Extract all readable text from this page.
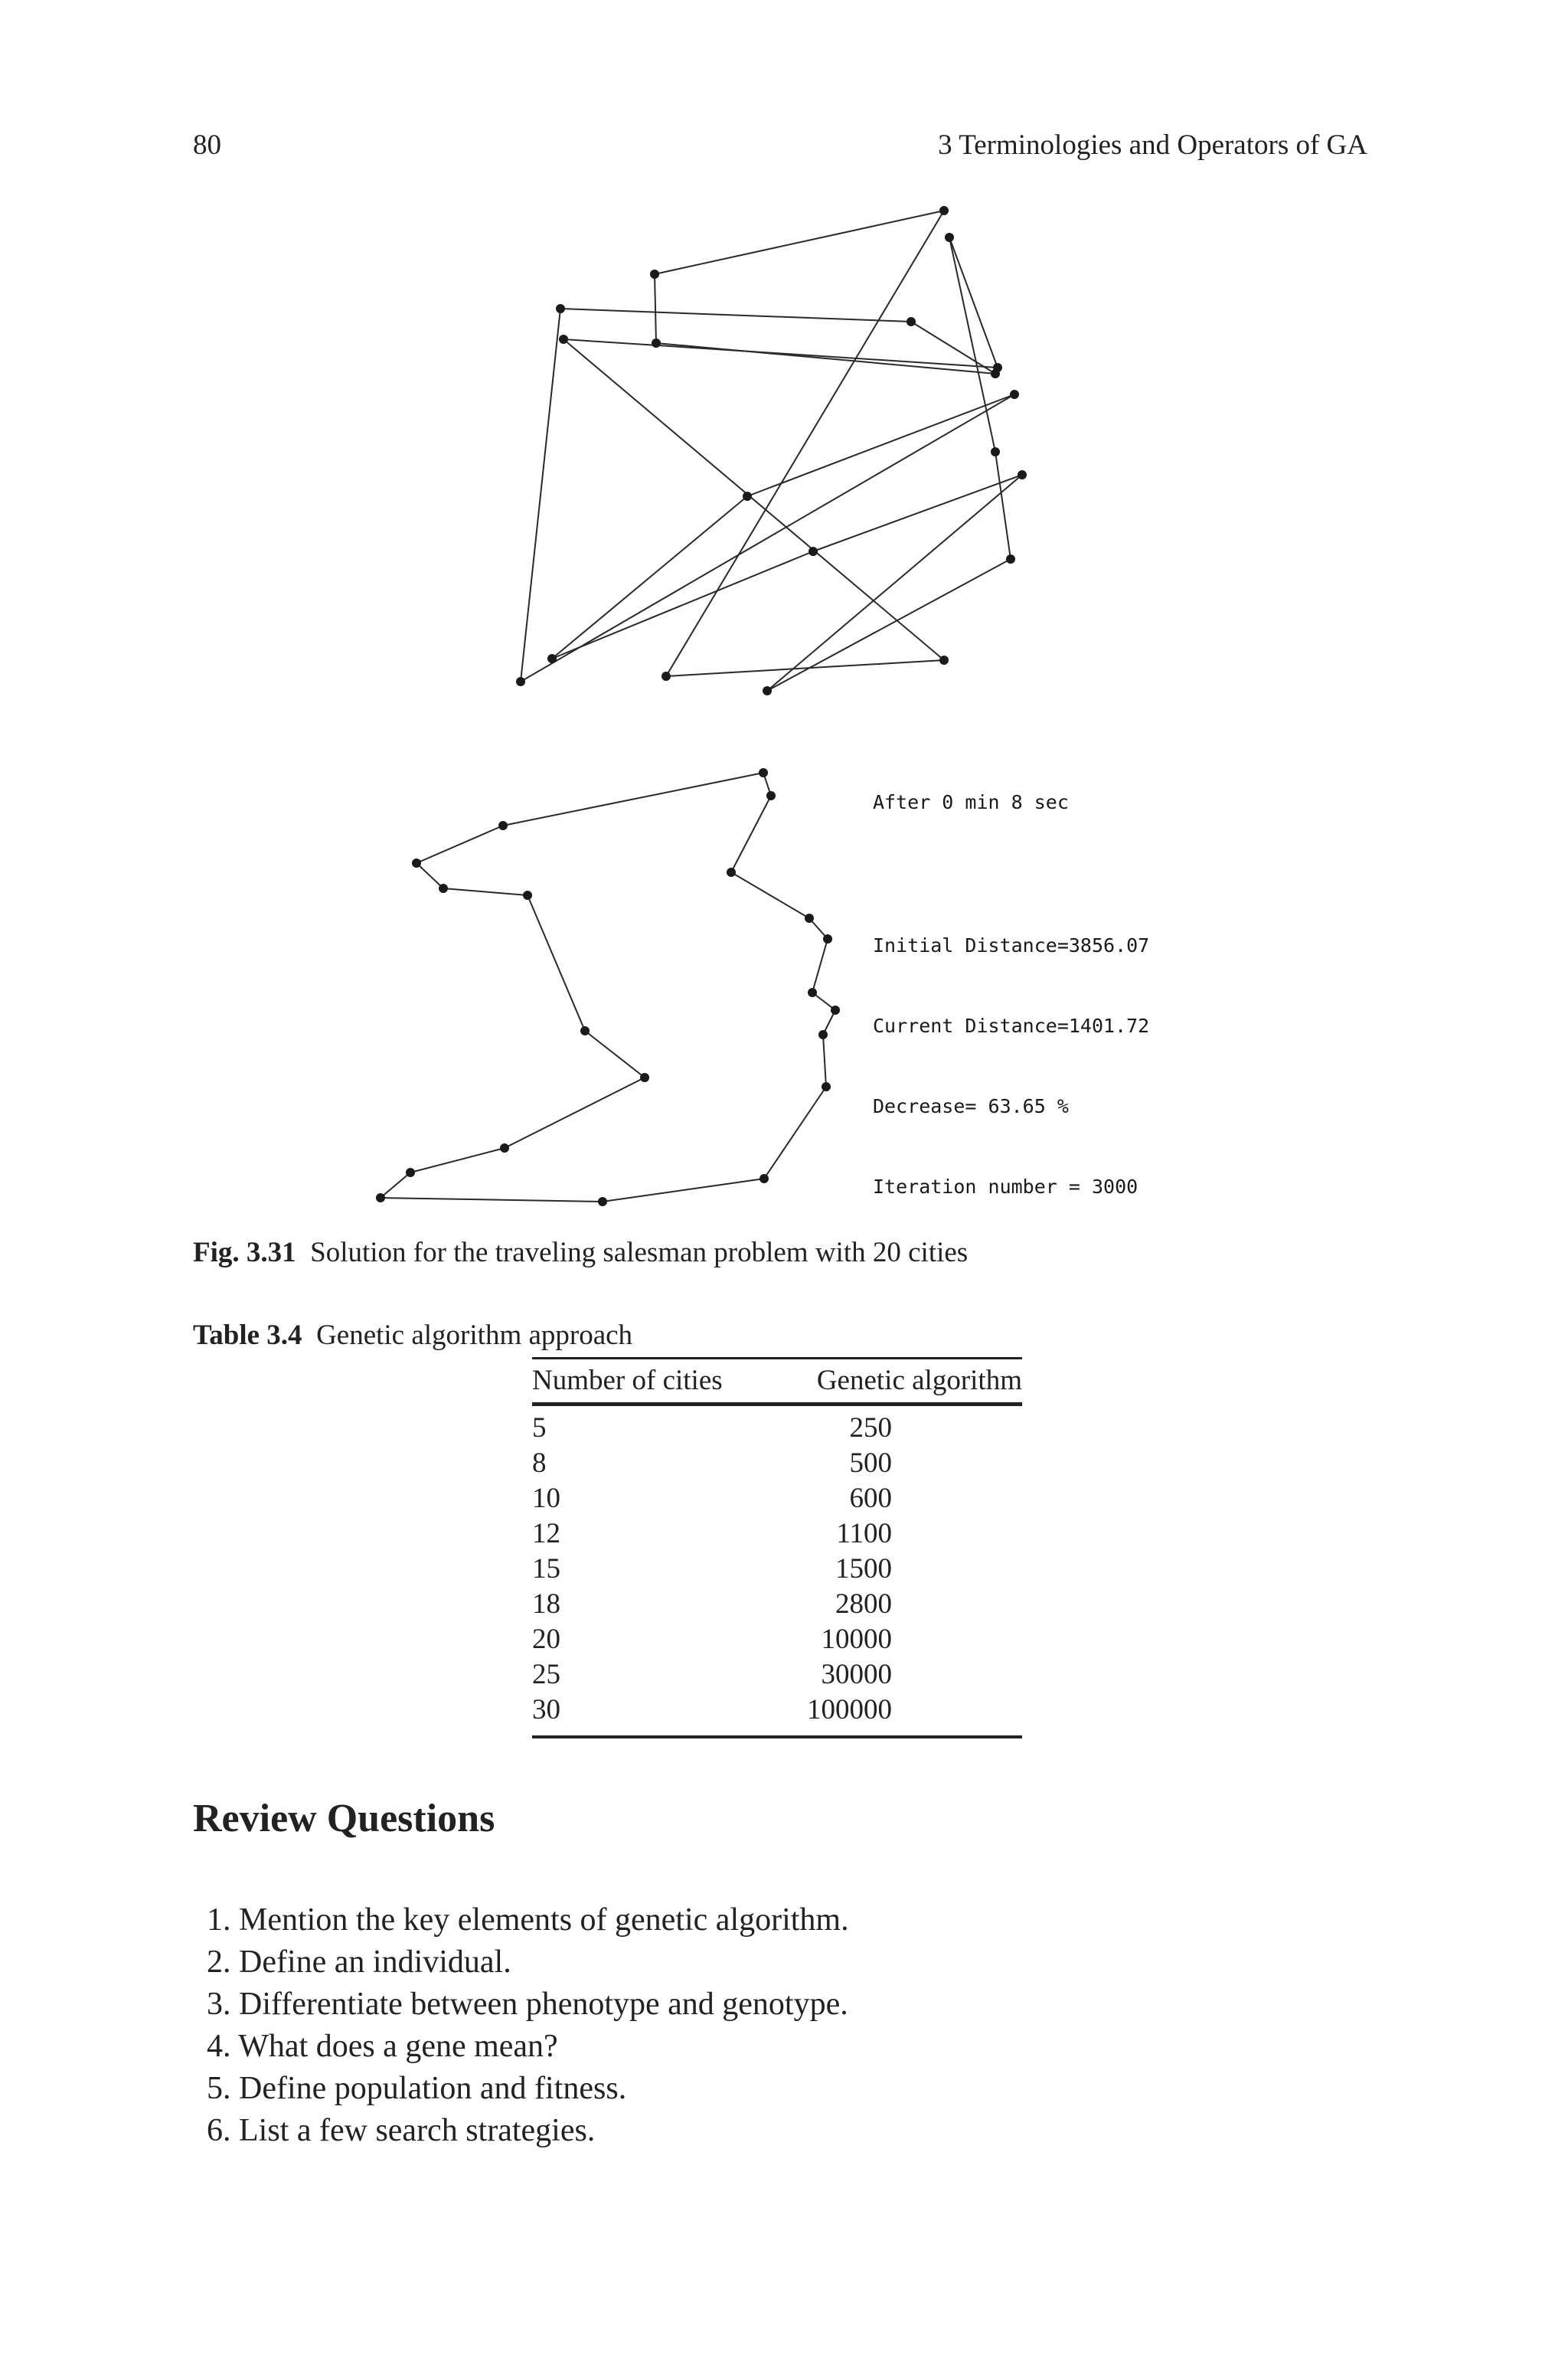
80	3 Terminologies and Operators of GA

After 0 min 8 sec

Initial Distance=3856.07

Current Distance=1401.72

Decrease= 63.65 %

Iteration number = 3000

Fig. 3.31 Solution for the traveling salesman problem with 20 cities
Table 3.4 Genetic algorithm approach
Number of cities	Genetic algorithm
5	250
8	500
10	600
12	1100
15	1500
18	2800
20	10000
25	30000
30	100000
Review Questions
1. Mention the key elements of genetic algorithm.
2. Define an individual.
3. Differentiate between phenotype and genotype.
4. What does a gene mean?
5. Define population and fitness.
6. List a few search strategies.
